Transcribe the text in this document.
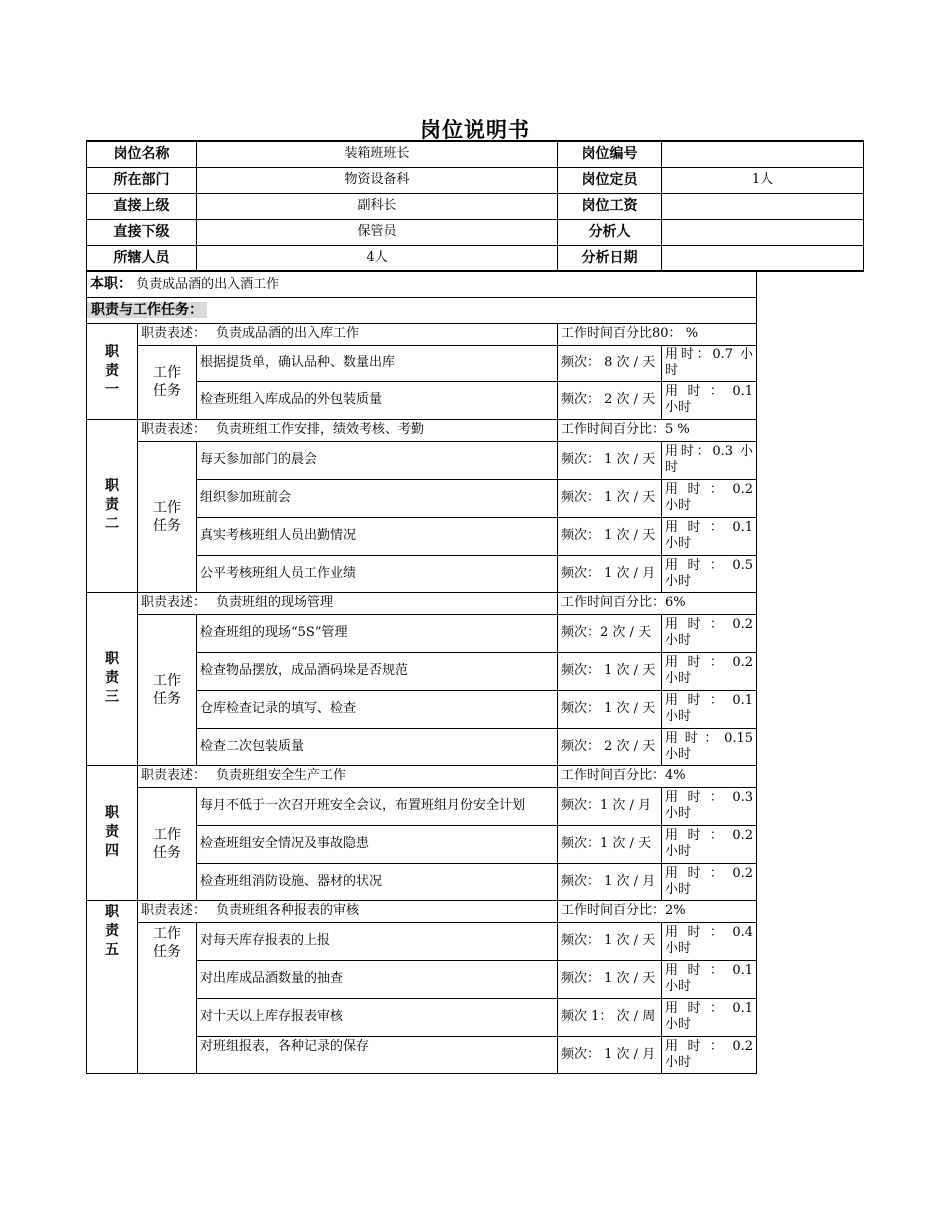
岗位说明书
岗位名称		装箱班班长	岗位编号	
所在部门		物资设备科	岗位定员	1人
直接上级		副科长	岗位工资	
直接下级		保管员	分析人	
所辖人员		4人	分析日期	
本职： 负责成品酒的出入酒工作				
职责与工作任务：				

职责一	职责表述： 负责成品酒的出入库工作		工作时间百分比80： %	

	工作任务	根据提货单，确认品种、数量出库	频次： 8 次 / 天	用时：0.7 小时
		检查班组入库成品的外包装质量	频次： 2 次 / 天	用 时 ： 0.1 小时

职责二	职责表述： 负责班组工作安排，绩效考核、考勤		工作时间百分比：5 %	

	工作任务	每天参加部门的晨会	频次： 1 次 / 天	用时：0.3 小时
		组织参加班前会	频次： 1 次 / 天	用 时 ： 0.2 小时
		真实考核班组人员出勤情况	频次： 1 次 / 天	用 时 ： 0.1 小时
		公平考核班组人员工作业绩	频次： 1 次 / 月	用 时 ： 0.5 小时

职责三	职责表述： 负责班组的现场管理		工作时间百分比：6%	

	工作任务	检查班组的现场“5S”管理	频次：2 次 / 天	用 时 ： 0.2 小时
		检查物品摆放，成品酒码垛是否规范	频次： 1 次 / 天	用 时 ： 0.2 小时
		仓库检查记录的填写、检查	频次： 1 次 / 天	用 时 ： 0.1 小时
		检查二次包装质量	频次： 2 次 / 天	用 时 ： 0.15 小时

职责四	职责表述： 负责班组安全生产工作		工作时间百分比：4%	

	工作任务	每月不低于一次召开班安全会议，布置班组月份安全计划	频次：1 次 / 月	用 时 ： 0.3 小时
		检查班组安全情况及事故隐患	频次：1 次 / 天	用 时 ： 0.2 小时
		检查班组消防设施、器材的状况	频次： 1 次 / 月	用 时 ： 0.2 小时

职责五	职责表述： 负责班组各种报表的审核		工作时间百分比：2%	

	工作任务	对每天库存报表的上报	频次： 1 次 / 天	用 时 ： 0.4 小时
		对出库成品酒数量的抽查	频次： 1 次 / 天	用 时 ： 0.1 小时
		对十天以上库存报表审核	频次 1： 次 / 周	用 时 ： 0.1 小时
		对班组报表，各种记录的保存	频次： 1 次 / 月	用 时 ： 0.2 小时
